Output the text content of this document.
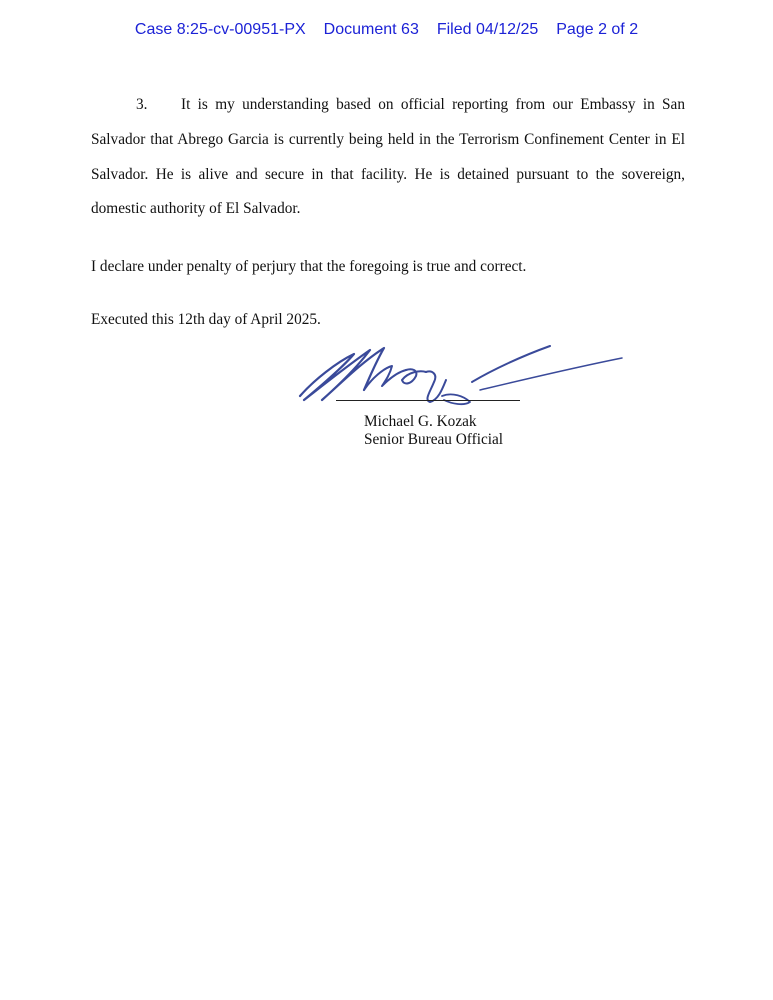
Case 8:25-cv-00951-PX Document 63 Filed 04/12/25 Page 2 of 2
3. It is my understanding based on official reporting from our Embassy in San Salvador that Abrego Garcia is currently being held in the Terrorism Confinement Center in El Salvador. He is alive and secure in that facility. He is detained pursuant to the sovereign, domestic authority of El Salvador.
I declare under penalty of perjury that the foregoing is true and correct.
Executed this 12th day of April 2025.
Michael G. Kozak
Senior Bureau Official
